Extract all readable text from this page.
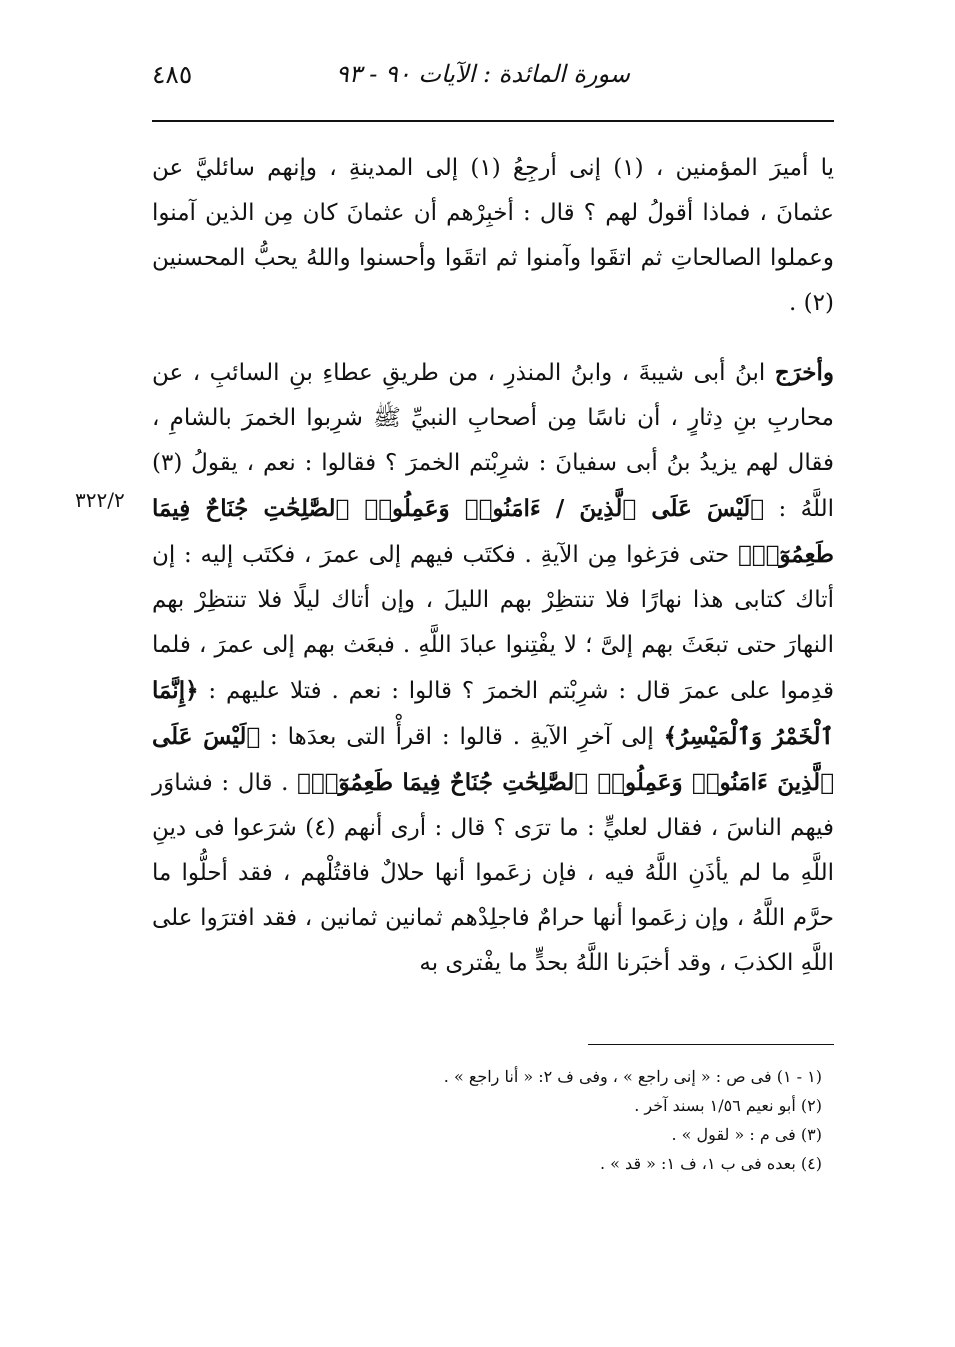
٤٨٥	سورة المائدة : الآيات ٩٠ - ٩٣
٣٢٢/٢

يا أميرَ المؤمنين ، (١) إنى أرجِعُ (١) إلى المدينةِ ، وإنهم سائليَّ عن عثمانَ ، فماذا أقولُ لهم ؟ قال : أخبِرْهم أن عثمانَ كان مِن الذين آمنوا وعملوا الصالحاتِ ثم اتقَوا وآمنوا ثم اتقَوا وأحسنوا واللهُ يحبُّ المحسنين (٢) .

وأخرَج ابنُ أبى شيبةَ ، وابنُ المنذرِ ، من طريقِ عطاءِ بنِ السائبِ ، عن محاربِ بنِ دِثارٍ ، أن ناسًا مِن أصحابِ النبيِّ ﷺ شرِبوا الخمرَ بالشامِ ، فقال لهم يزيدُ بنُ أبى سفيانَ : شرِبْتم الخمرَ ؟ فقالوا : نعم ، يقولُ (٣) اللَّهُ : ﴿لَيْسَ عَلَى ٱلَّذِينَ / ءَامَنُوا۟ وَعَمِلُوا۟ ٱلصَّٰلِحَٰتِ جُنَاحٌ فِيمَا طَعِمُوٓا۟﴾ حتى فرَغوا مِن الآيةِ . فكتَب فيهم إلى عمرَ ، فكتَب إليه : إن أتاك كتابى هذا نهارًا فلا تنتظِرْ بهم الليلَ ، وإن أتاك ليلًا فلا تنتظِرْ بهم النهارَ حتى تبعَثَ بهم إلىَّ ؛ لا يفْتِنوا عبادَ اللَّهِ . فبعَث بهم إلى عمرَ ، فلما قدِموا على عمرَ قال : شرِبْتم الخمرَ ؟ قالوا : نعم . فتلا عليهم : ﴿إِنَّمَا ٱلْخَمْرُ وَٱلْمَيْسِرُ﴾ إلى آخرِ الآيةِ . قالوا : اقرأْ التى بعدَها : ﴿لَيْسَ عَلَى ٱلَّذِينَ ءَامَنُوا۟ وَعَمِلُوا۟ ٱلصَّٰلِحَٰتِ جُنَاحٌ فِيمَا طَعِمُوٓا۟﴾ . قال : فشاوَر فيهم الناسَ ، فقال لعليٍّ : ما ترَى ؟ قال : أرى أنهم (٤) شرَعوا فى دينِ اللَّهِ ما لم يأذَنِ اللَّهُ فيه ، فإن زعَموا أنها حلالٌ فاقتُلْهم ، فقد أحلُّوا ما حرَّم اللَّهُ ، وإن زعَموا أنها حرامٌ فاجلِدْهم ثمانين ثمانين ، فقد افترَوا على اللَّهِ الكذبَ ، وقد أخبَرنا اللَّهُ بحدٍّ ما يفْترى به

(١ - ١) فى ص : « إنى راجع » ، وفى ف ٢: « أنا راجع » .
(٢) أبو نعيم ١/٥٦ بسند آخر .
(٣) فى م : « لقول » .
(٤) بعده فى ب ١، ف ١: « قد » .
